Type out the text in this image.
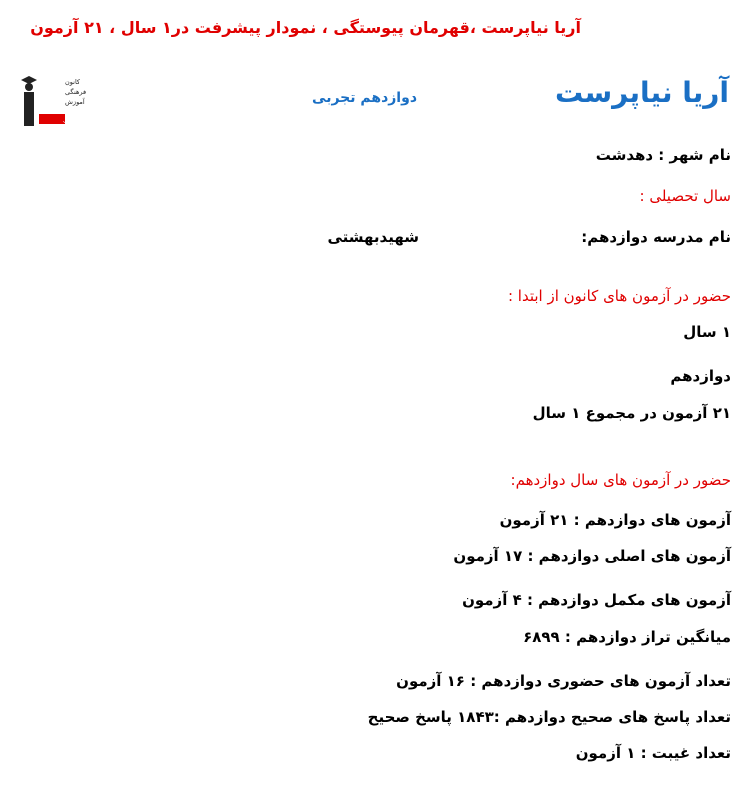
آریا نیاپرست ،قهرمان پیوستگی ، نمودار پیشرفت در۱ سال ، ۲۱ آزمون
کانون
فرهنگی
آموزش
قلم چی
آریا نیاپرست
دوازدهم تجربی
نام شهر : دهدشت
سال تحصیلی :
نام مدرسه دوازدهم:
شهیدبهشتی
حضور در آزمون های کانون از ابتدا :
۱ سال
دوازدهم
۲۱ آزمون در مجموع ۱ سال
حضور در آزمون های سال دوازدهم:
آزمون های دوازدهم : ۲۱ آزمون
آزمون های اصلی دوازدهم : ۱۷ آزمون
آزمون های مکمل دوازدهم : ۴ آزمون
میانگین تراز دوازدهم : ۶۸۹۹
تعداد آزمون های حضوری دوازدهم : ۱۶ آزمون
تعداد پاسخ های صحیح دوازدهم :۱۸۴۳ پاسخ صحیح
تعداد غیبت : ۱ آزمون
